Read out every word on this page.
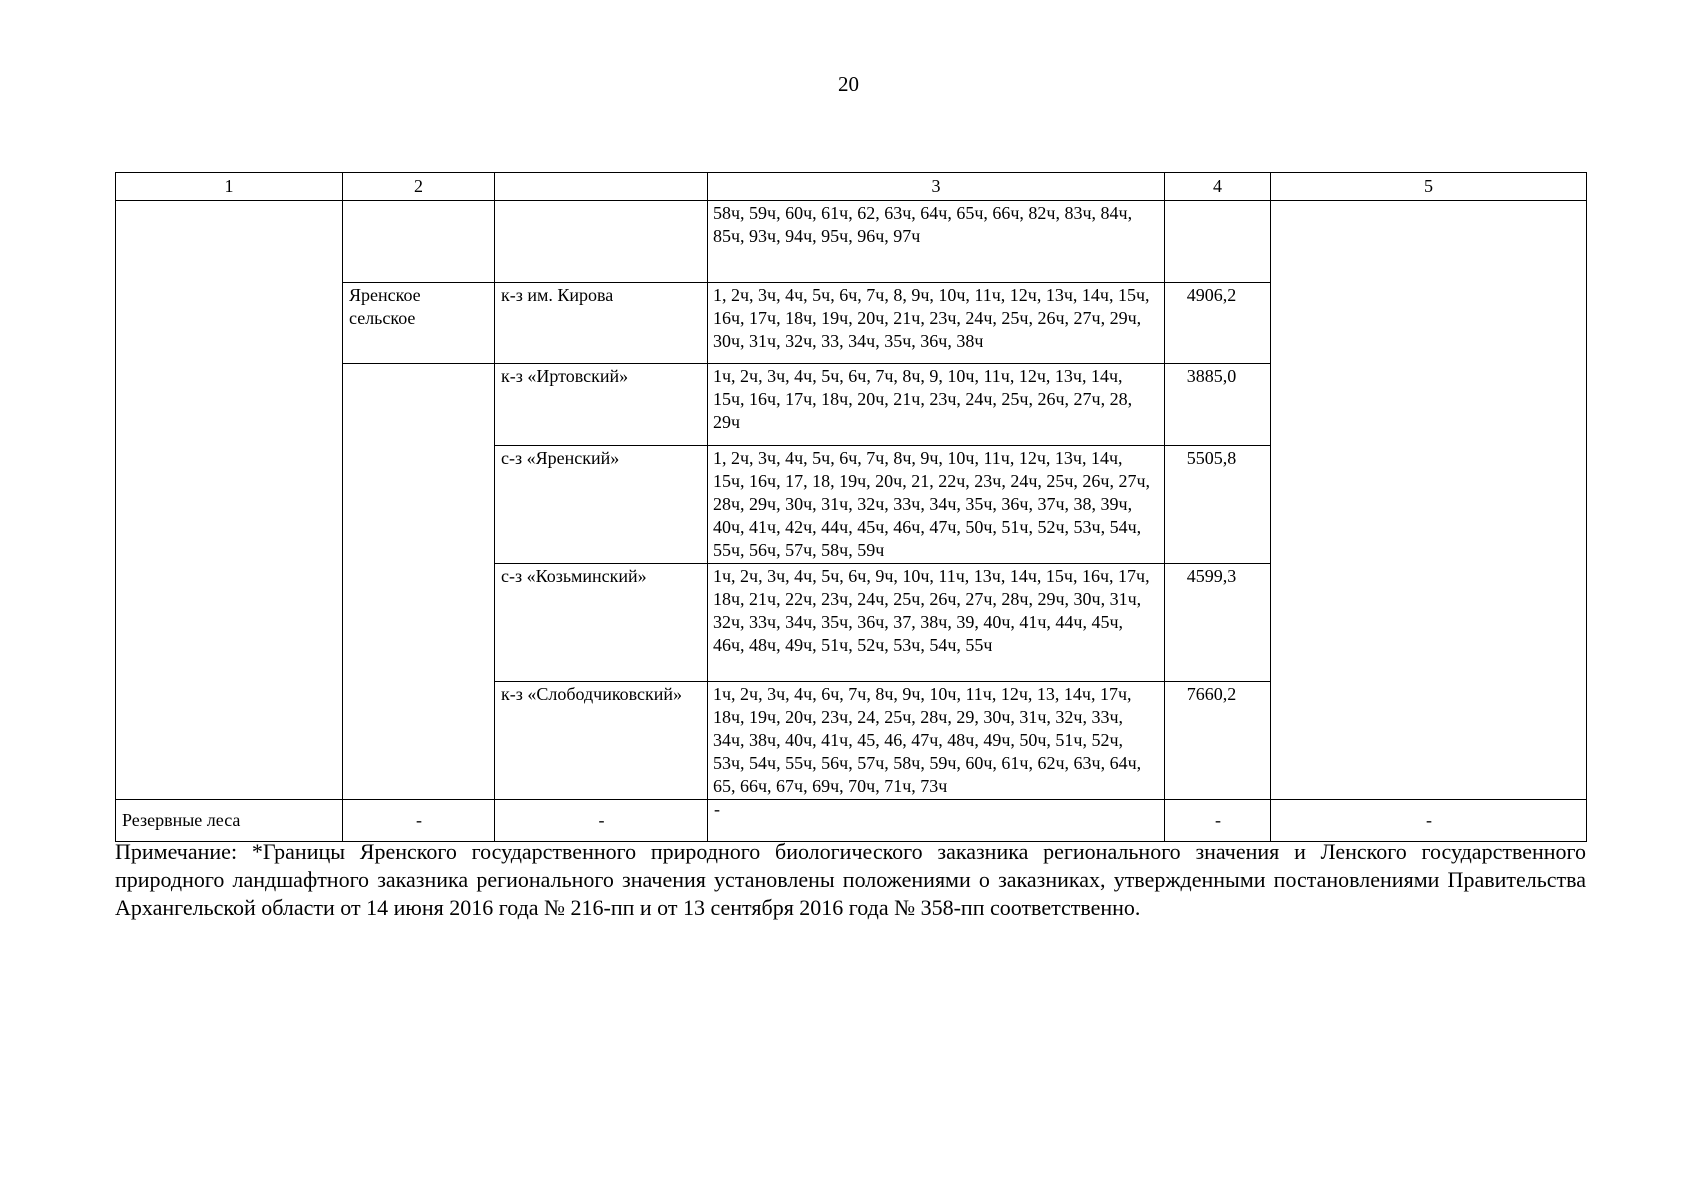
20
1	2		3	4	5
			58ч, 59ч, 60ч, 61ч, 62, 63ч, 64ч, 65ч, 66ч, 82ч, 83ч, 84ч, 85ч, 93ч, 94ч, 95ч, 96ч, 97ч		
	Яренское сельское	к-з им. Кирова	1, 2ч, 3ч, 4ч, 5ч, 6ч, 7ч, 8, 9ч, 10ч, 11ч, 12ч, 13ч, 14ч, 15ч, 16ч, 17ч, 18ч, 19ч, 20ч, 21ч, 23ч, 24ч, 25ч, 26ч, 27ч, 29ч, 30ч, 31ч, 32ч, 33, 34ч, 35ч, 36ч, 38ч	4906,2	
		к-з «Иртовский»	1ч, 2ч, 3ч, 4ч, 5ч, 6ч, 7ч, 8ч, 9, 10ч, 11ч, 12ч, 13ч, 14ч, 15ч, 16ч, 17ч, 18ч, 20ч, 21ч, 23ч, 24ч, 25ч, 26ч, 27ч, 28, 29ч	3885,0	
		с-з «Яренский»	1, 2ч, 3ч, 4ч, 5ч, 6ч, 7ч, 8ч, 9ч, 10ч, 11ч, 12ч, 13ч, 14ч, 15ч, 16ч, 17, 18, 19ч, 20ч, 21, 22ч, 23ч, 24ч, 25ч, 26ч, 27ч, 28ч, 29ч, 30ч, 31ч, 32ч, 33ч, 34ч, 35ч, 36ч, 37ч, 38, 39ч, 40ч, 41ч, 42ч, 44ч, 45ч, 46ч, 47ч, 50ч, 51ч, 52ч, 53ч, 54ч, 55ч, 56ч, 57ч, 58ч, 59ч	5505,8	
		с-з «Козьминский»	1ч, 2ч, 3ч, 4ч, 5ч, 6ч, 9ч, 10ч, 11ч, 13ч, 14ч, 15ч, 16ч, 17ч, 18ч, 21ч, 22ч, 23ч, 24ч, 25ч, 26ч, 27ч, 28ч, 29ч, 30ч, 31ч, 32ч, 33ч, 34ч, 35ч, 36ч, 37, 38ч, 39, 40ч, 41ч, 44ч, 45ч, 46ч, 48ч, 49ч, 51ч, 52ч, 53ч, 54ч, 55ч	4599,3	
		к-з «Слободчиковский»	1ч, 2ч, 3ч, 4ч, 6ч, 7ч, 8ч, 9ч, 10ч, 11ч, 12ч, 13, 14ч, 17ч, 18ч, 19ч, 20ч, 23ч, 24, 25ч, 28ч, 29, 30ч, 31ч, 32ч, 33ч, 34ч, 38ч, 40ч, 41ч, 45, 46, 47ч, 48ч, 49ч, 50ч, 51ч, 52ч, 53ч, 54ч, 55ч, 56ч, 57ч, 58ч, 59ч, 60ч, 61ч, 62ч, 63ч, 64ч, 65, 66ч, 67ч, 69ч, 70ч, 71ч, 73ч	7660,2	

Резервные леса	-	-	-	-	-
Примечание: *Границы Яренского государственного природного биологического заказника регионального значения и Ленского государственного природного ландшафтного заказника регионального значения установлены положениями о заказниках, утвержденными постановлениями Правительства Архангельской области от 14 июня 2016 года № 216-пп и от 13 сентября 2016 года № 358-пп соответственно.
